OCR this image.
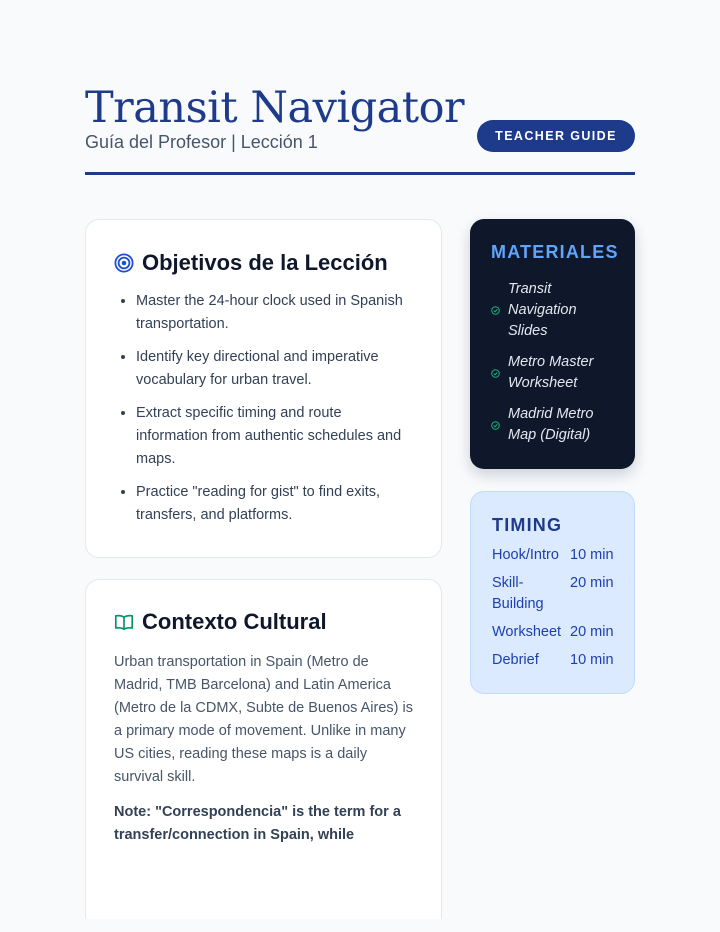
Transit Navigator
Guía del Profesor | Lección 1	TEACHER GUIDE
Objetivos de la Lección
• Master the 24-hour clock used in Spanish transportation.
• Identify key directional and imperative vocabulary for urban travel.
• Extract specific timing and route information from authentic schedules and maps.
• Practice "reading for gist" to find exits, transfers, and platforms.
Contexto Cultural

Urban transportation in Spain (Metro de Madrid, TMB Barcelona) and Latin America (Metro de la CDMX, Subte de Buenos Aires) is a primary mode of movement. Unlike in many US cities, reading these maps is a daily survival skill.

Note: "Correspondencia" is the term for a transfer/connection in Spain, while

MATERIALES
Transit Navigation Slides
Metro Master Worksheet
Madrid Metro Map (Digital)
TIMING
Hook/Intro	10 min
Skill-Building	20 min
Worksheet	20 min
Debrief	10 min
